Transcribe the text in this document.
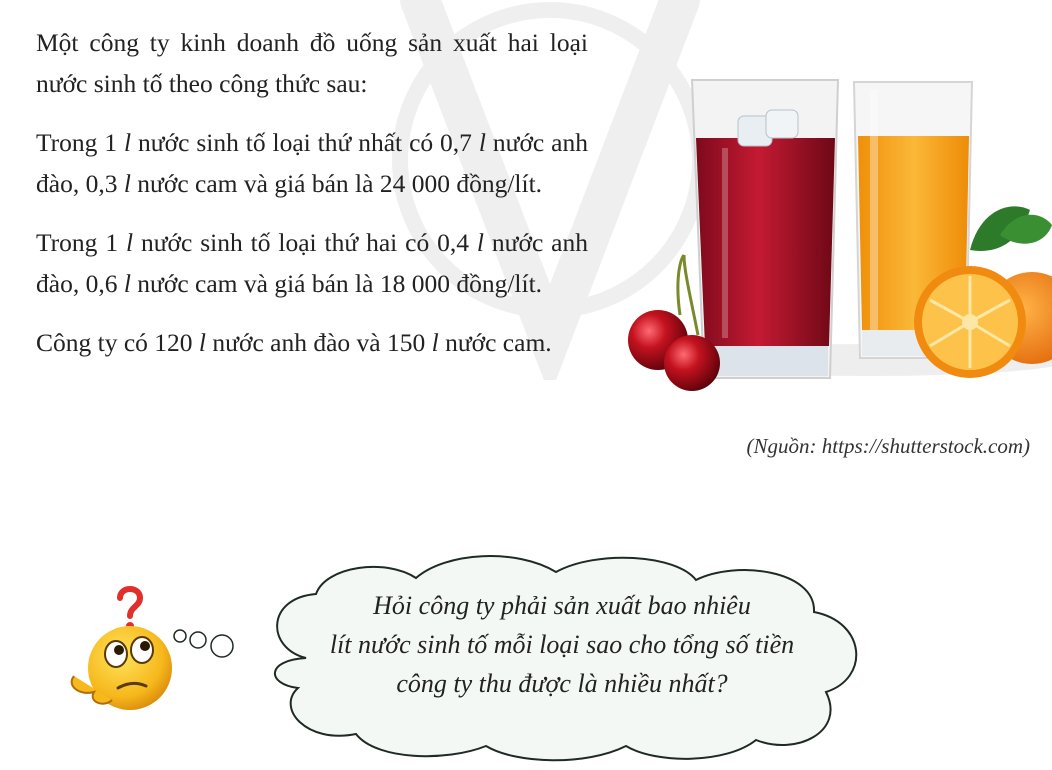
Một công ty kinh doanh đồ uống sản xuất hai loại nước sinh tố theo công thức sau:

Trong 1 l nước sinh tố loại thứ nhất có 0,7 l nước anh đào, 0,3 l nước cam và giá bán là 24 000 đồng/lít.

Trong 1 l nước sinh tố loại thứ hai có 0,4 l nước anh đào, 0,6 l nước cam và giá bán là 18 000 đồng/lít.

Công ty có 120 l nước anh đào và 150 l nước cam.

(Nguồn: https://shutterstock.com)
Hỏi công ty phải sản xuất bao nhiêu
lít nước sinh tố mỗi loại sao cho tổng số tiền
công ty thu được là nhiều nhất?
